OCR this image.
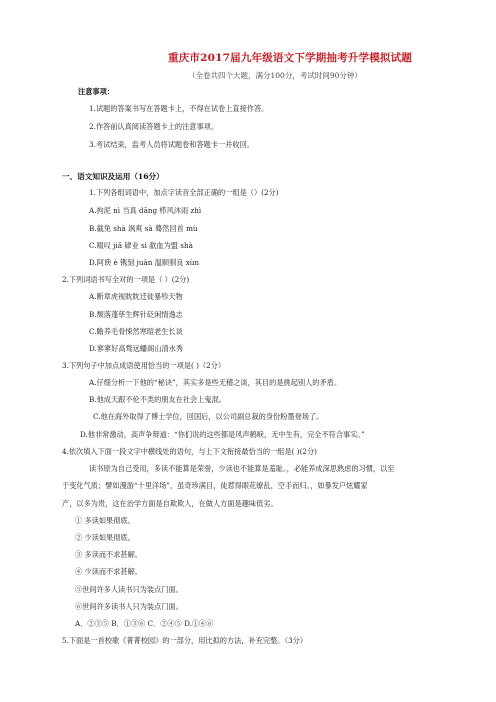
重庆市2017届九年级语文下学期抽考升学模拟试题
（全卷共四个大题，满分100分，考试时间90分钟）
注意事项：
1.试题的答案书写在答题卡上，不得在试卷上直接作答。
2.作答前认真阅读答题卡上的注意事项。
3.考试结束，监考人员将试题卷和答题卡一并收回。
一、语文知识及运用（16分）
1.下列各组词语中，加点字读音全部正确的一组是（）(2分)
A.拘泥 nì 当真 dāng 栉风沐雨 zhì
B.截兔 shà 飒爽 sà 蓦然回首 mù
C.啜叹 jiǎ 肄业 sì 歃血为盟 shà
D.阿谀 è 镌刻 juān 温顺驯良 xùn
2.下列词语书写全对的一项是（ ）(2分)
A.断章虎视眈眈迁徙暴殄天物
B.颓落蓬荜生辉针砭闲情逸志
C.瞻养毛骨悚然寒暄老生长谈
D.寥寥好高骛远蟠阁山清水秀
3.下列句子中加点成语使用恰当的一项是( )（2分）
A.仔细分析一下他的“秘诀”，其实多是些无稽之谈，其目的是挑起别人的矛盾。
B.他成天跟不伦不类的朋友在社会上鬼混。
C.他在海外取得了博士学位，回国后，以公司副总裁的身份粉墨登场了。
D.他非常激动，高声争辩道：“你们说的这些都是风声鹤唳，无中生有，完全不符合事实。”
4.依次填入下面一段文字中横线处的语句，与上下文衔接最恰当的一组是( )(2分)
读书原为自己受用，多读不能算是荣誉，少读也不能算是羞耻。，必能养成深思熟虑的习惯，以至
于变化气质；譬如漫游“十里洋场”，虽奇珍满目，徒惹得眼花缭乱，空手而归。，如暴发户炫耀家
产，以多为贵，这在治学方面是自欺欺人，在做人方面是趣味低劣。
① 多读如果彻底。
② 少读如果彻底。
③ 多读而不求甚解。
④ 少读而不求甚解。
⑤世间许多人读书只为装点门面。
⑥世间许多读书人只为装点门面。
A．②③⑤ B．①③⑥ C．②④⑤ D.①④⑥
5.下面是一首校歌《菁菁校园》的一部分，用比拟的方法，补充完整。（3分）
